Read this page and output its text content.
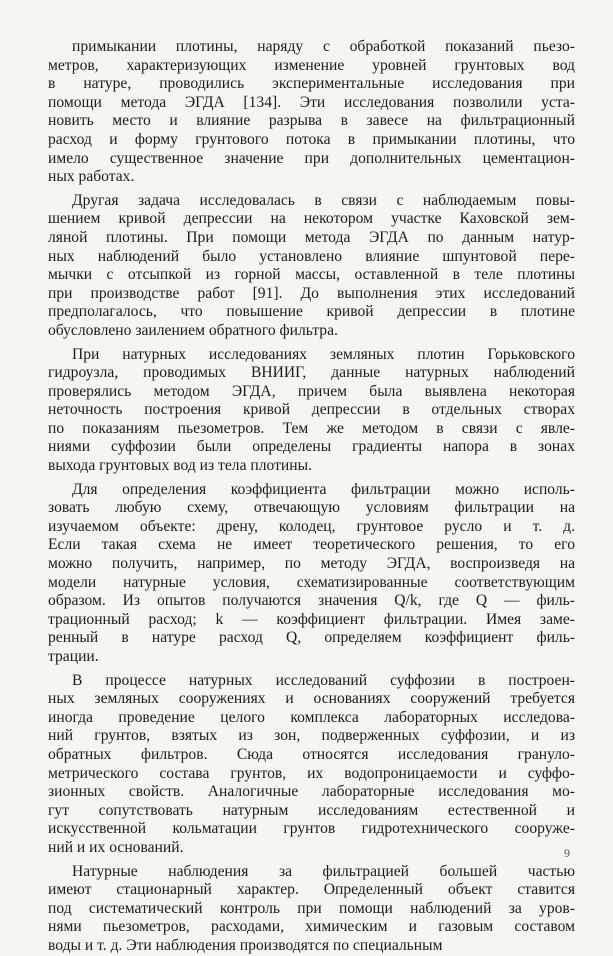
примыкании плотины, наряду с обработкой показаний пьезо-
метров, характеризующих изменение уровней грунтовых вод
в натуре, проводились экспериментальные исследования при
помощи метода ЭГДА [134]. Эти исследования позволили уста-
новить место и влияние разрыва в завесе на фильтрационный
расход и форму грунтового потока в примыкании плотины, что
имело существенное значение при дополнительных цементацион-
ных работах.
Другая задача исследовалась в связи с наблюдаемым повы-
шением кривой депрессии на некотором участке Каховской зем-
ляной плотины. При помощи метода ЭГДА по данным натур-
ных наблюдений было установлено влияние шпунтовой пере-
мычки с отсыпкой из горной массы, оставленной в теле плотины
при производстве работ [91]. До выполнения этих исследований
предполагалось, что повышение кривой депрессии в плотине
обусловлено заилением обратного фильтра.
При натурных исследованиях земляных плотин Горьковского
гидроузла, проводимых ВНИИГ, данные натурных наблюдений
проверялись методом ЭГДА, причем была выявлена некоторая
неточность построения кривой депрессии в отдельных створах
по показаниям пьезометров. Тем же методом в связи с явле-
ниями суффозии были определены градиенты напора в зонах
выхода грунтовых вод из тела плотины.
Для определения коэффициента фильтрации можно исполь-
зовать любую схему, отвечающую условиям фильтрации на
изучаемом объекте: дрену, колодец, грунтовое русло и т. д.
Если такая схема не имеет теоретического решения, то его
можно получить, например, по методу ЭГДА, воспроизведя на
модели натурные условия, схематизированные соответствующим
образом. Из опытов получаются значения Q/k, где Q — филь-
трационный расход; k — коэффициент фильтрации. Имея заме-
ренный в натуре расход Q, определяем коэффициент филь-
трации.
В процессе натурных исследований суффозии в построен-
ных земляных сооружениях и основаниях сооружений требуется
иногда проведение целого комплекса лабораторных исследова-
ний грунтов, взятых из зон, подверженных суффозии, и из
обратных фильтров. Сюда относятся исследования грануло-
метрического состава грунтов, их водопроницаемости и суффо-
зионных свойств. Аналогичные лабораторные исследования мо-
гут сопутствовать натурным исследованиям естественной и
искусственной кольматации грунтов гидротехнического сооруже-
ний и их оснований.
Натурные наблюдения за фильтрацией большей частью
имеют стационарный характер. Определенный объект ставится
под систематический контроль при помощи наблюдений за уров-
нями пьезометров, расходами, химическим и газовым составом
воды и т. д. Эти наблюдения производятся по специальным
9
